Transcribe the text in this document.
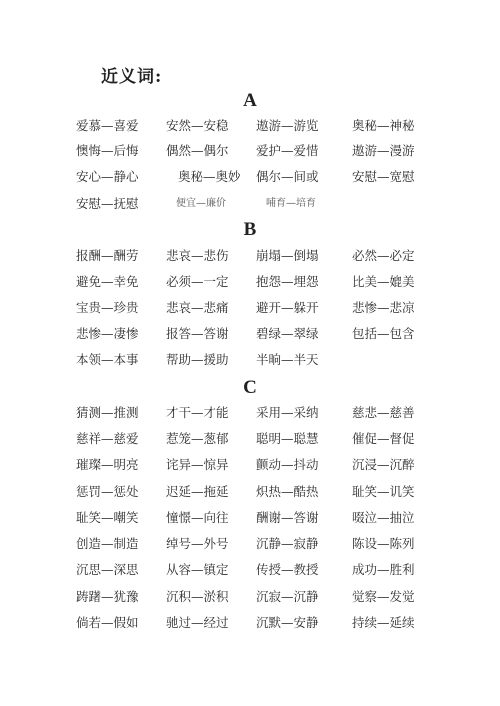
近义词:
A
爱慕—喜爱 安然—安稳 遨游—游览	奥秘—神秘
懊悔—后悔 偶然—偶尔 爱护—爱惜	遨游—漫游
安心—静心	奥秘—奥妙 偶尔—间或	安慰—宽慰
安慰—抚慰	便宜—廉价	哺育—培育
B
报酬—酬劳 悲哀—悲伤 崩塌—倒塌	必然—必定
避免—幸免 必须—一定 抱怨—埋怨	比美—媲美
宝贵—珍贵 悲哀—悲痛 避开—躲开	悲惨—悲凉
悲惨—凄惨 报答—答谢 碧绿—翠绿	包括—包含
本领—本事 帮助—援助 半晌—半天
C
猜测—推测 才干—才能 采用—采纳	慈悲—慈善
慈祥—慈爱 惹笼—葱郁 聪明—聪慧	催促—督促
璀璨—明亮 诧异—惊异 颤动—抖动	沉浸—沉醉
惩罚—惩处 迟延—拖延 炽热—酷热	耻笑—讥笑
耻笑—嘲笑 憧憬—向往 酬谢—答谢	啜泣—抽泣
创造—制造 绰号—外号 沉静—寂静	陈设—陈列
沉思—深思 从容—镇定 传授—教授	成功—胜利
踌躇—犹豫 沉积—淤积 沉寂—沉静	觉察—发觉
倘若—假如 驰过—经过 沉默—安静	持续—延续
